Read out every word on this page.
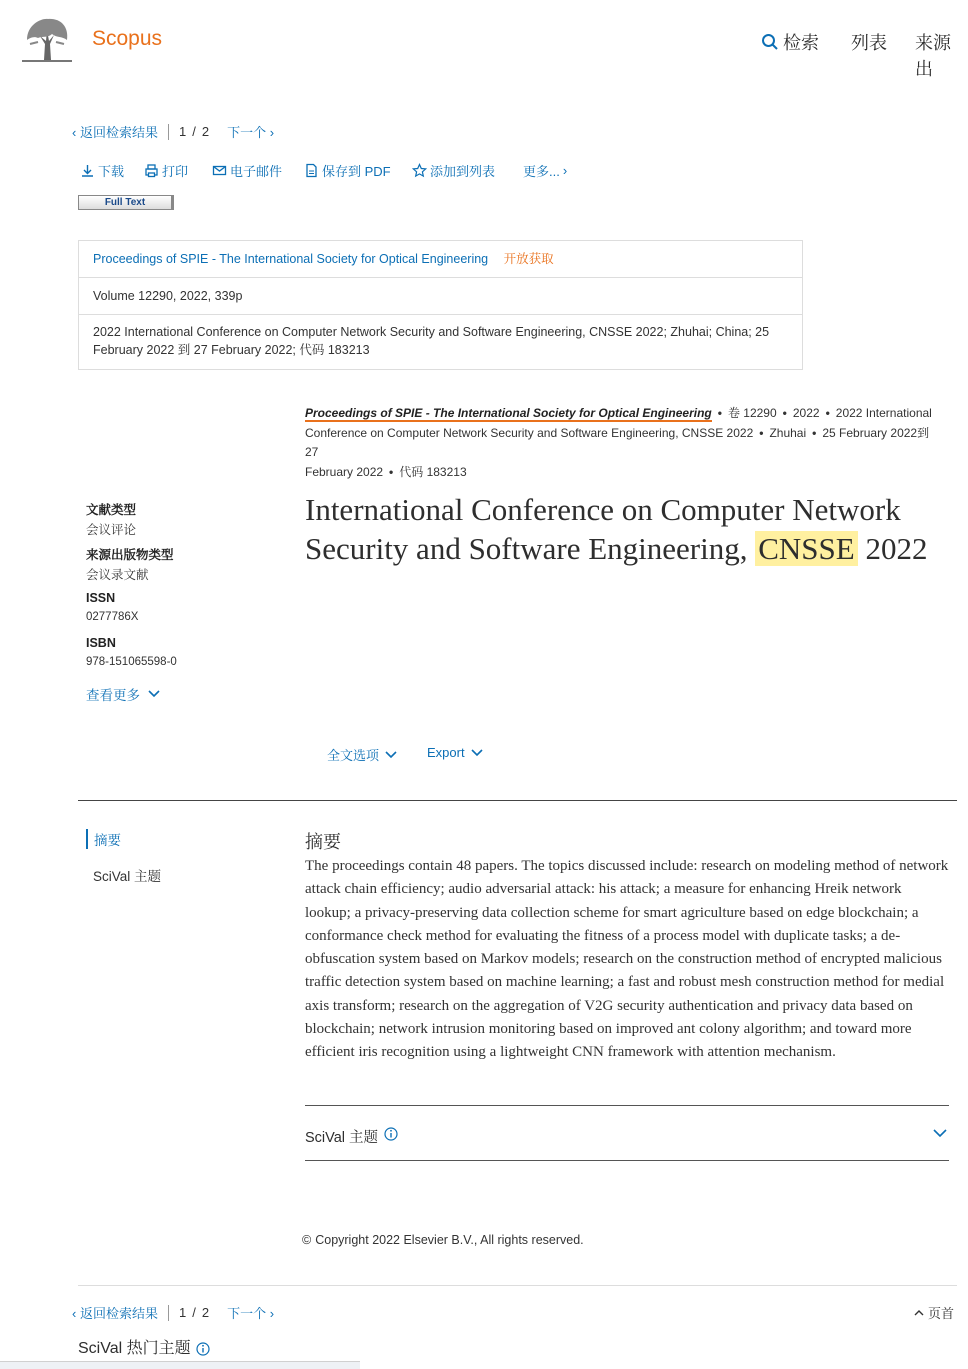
Scopus	检索 列表 来源出
‹ 返回检索结果 1 / 2 下一个 ›
下载	打印	电子邮件	保存到 PDF	添加到列表 更多... ›
Full Text
Proceedings of SPIE - The International Society for Optical Engineering 开放获取
Volume 12290, 2022, 339p
2022 International Conference on Computer Network Security and Software Engineering, CNSSE 2022; Zhuhai; China; 25 February 2022 到 27 February 2022; 代码 183213
Proceedings of SPIE - The International Society for Optical Engineering • 卷 12290 • 2022 • 2022 International
Conference on Computer Network Security and Software Engineering, CNSSE 2022 • Zhuhai • 25 February 2022到 27
February 2022 • 代码 183213
International Conference on Computer Network
Security and Software Engineering, CNSSE 2022
文献类型
会议评论
来源出版物类型
会议录文献
ISSN
0277786X
ISBN
978-151065598-0
查看更多
全文选项	Export
摘要
SciVal 主题
摘要
The proceedings contain 48 papers. The topics discussed include: research on modeling method of network attack chain efficiency; audio adversarial attack: his attack; a measure for enhancing Hreik network lookup; a privacy-preserving data collection scheme for smart agriculture based on edge blockchain; a conformance check method for evaluating the fitness of a process model with duplicate tasks; a de-obfuscation system based on Markov models; research on the construction method of encrypted malicious traffic detection system based on machine learning; a fast and robust mesh construction method for medial axis transform; research on the aggregation of V2G security authentication and privacy data based on blockchain; network intrusion monitoring based on improved ant colony algorithm; and toward more efficient iris recognition using a lightweight CNN framework with attention mechanism.
SciVal 主题
© Copyright 2022 Elsevier B.V., All rights reserved.
‹ 返回检索结果 1 / 2 下一个 ›	页首
SciVal 热门主题
